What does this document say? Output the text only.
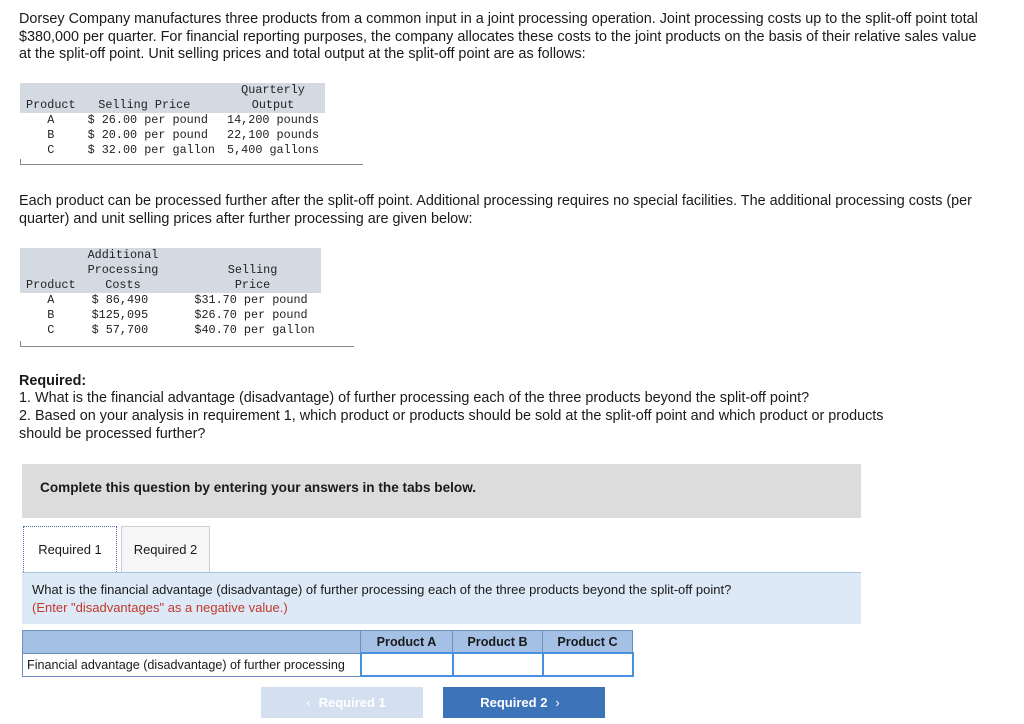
Dorsey Company manufactures three products from a common input in a joint processing operation. Joint processing costs up to the split-off point total $380,000 per quarter. For financial reporting purposes, the company allocates these costs to the joint products on the basis of their relative sales value at the split-off point. Unit selling prices and total output at the split-off point are as follows:

Product	Selling Price	Quarterly
Output

A	$ 26.00 per pound	14,200 pounds
B	$ 20.00 per pound	22,100 pounds
C	$ 32.00 per gallon	5,400 gallons

Each product can be processed further after the split-off point. Additional processing requires no special facilities. The additional processing costs (per quarter) and unit selling prices after further processing are given below:

Product	Additional
Processing
Costs	Selling
Price

A	$ 86,490	$31.70 per pound
B	$125,095	$26.70 per pound
C	$ 57,700	$40.70 per gallon

Required:

1. What is the financial advantage (disadvantage) of further processing each of the three products beyond the split-off point?

2. Based on your analysis in requirement 1, which product or products should be sold at the split-off point and which product or products should be processed further?

Complete this question by entering your answers in the tabs below.
Required 1	Required 2
What is the financial advantage (disadvantage) of further processing each of the three products beyond the split-off point?
(Enter "disadvantages" as a negative value.)
	Product A	Product B	Product C
Financial advantage (disadvantage) of further processing			
‹ Required 1	Required 2 ›
